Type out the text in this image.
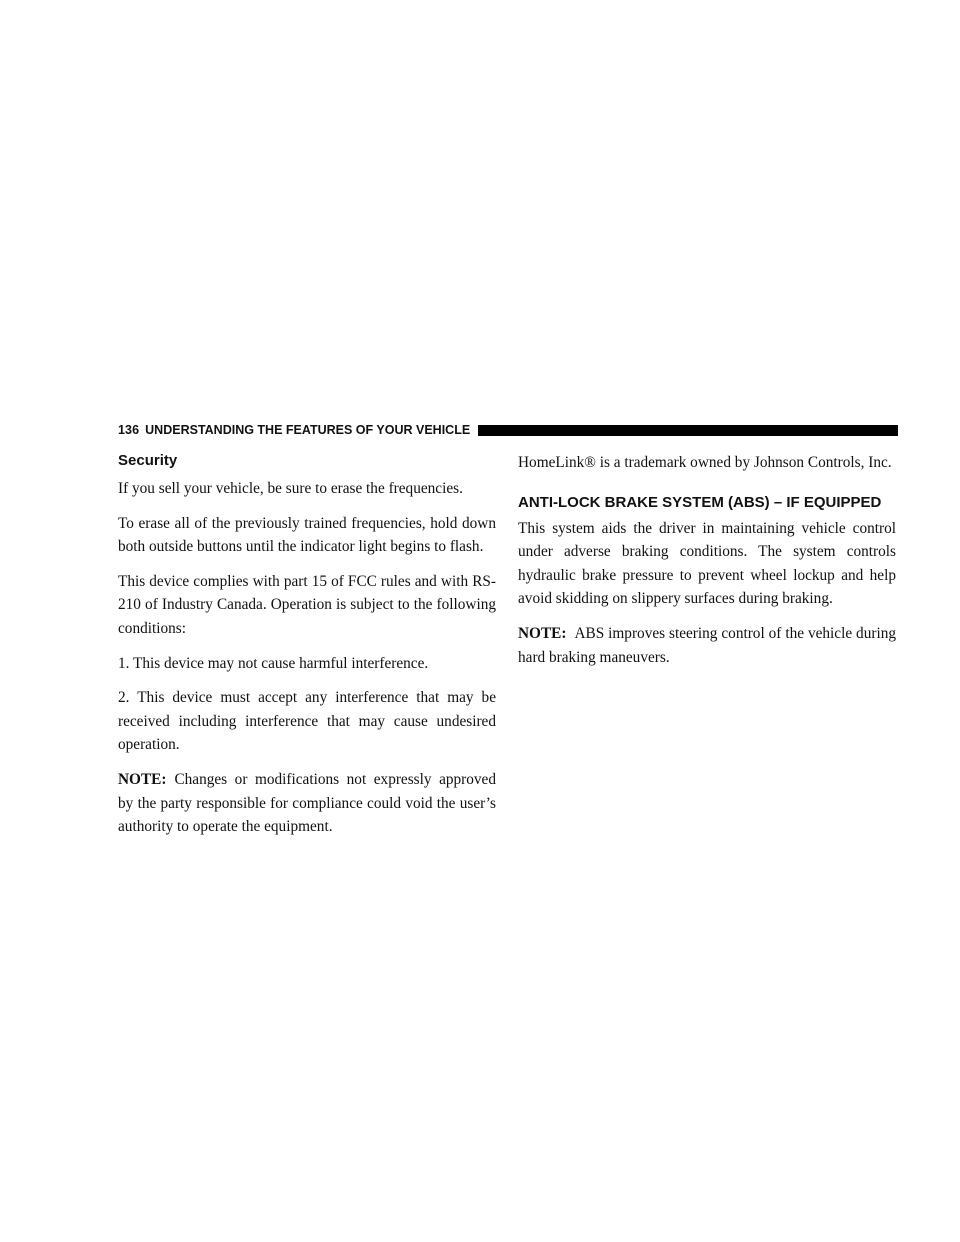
136 UNDERSTANDING THE FEATURES OF YOUR VEHICLE
Security

If you sell your vehicle, be sure to erase the frequencies.

To erase all of the previously trained frequencies, hold down both outside buttons until the indicator light begins to flash.

This device complies with part 15 of FCC rules and with RS-210 of Industry Canada. Operation is subject to the following conditions:

1. This device may not cause harmful interference.

2. This device must accept any interference that may be received including interference that may cause undesired operation.

NOTE: Changes or modifications not expressly approved by the party responsible for compliance could void the user’s authority to operate the equipment.

HomeLink® is a trademark owned by Johnson Controls, Inc.

ANTI-LOCK BRAKE SYSTEM (ABS) – IF EQUIPPED

This system aids the driver in maintaining vehicle control under adverse braking conditions. The system controls hydraulic brake pressure to prevent wheel lockup and help avoid skidding on slippery surfaces during braking.

NOTE: ABS improves steering control of the vehicle during hard braking maneuvers.
